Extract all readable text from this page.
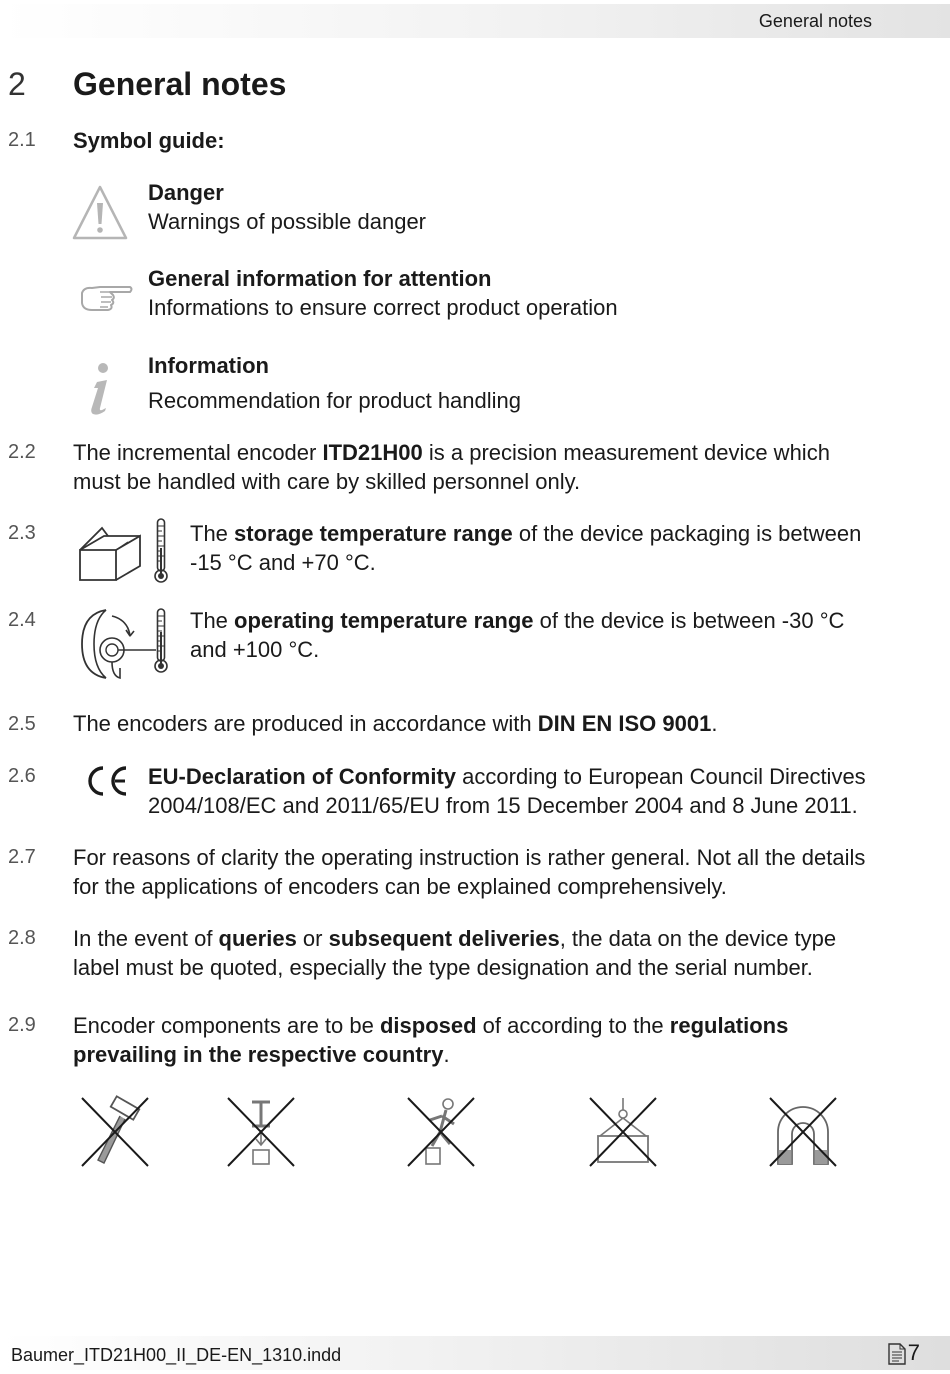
General notes
2 General notes
2.1 Symbol guide:

Danger

Warnings of possible danger

General information for attention

Informations to ensure correct product operation

Information

Recommendation for product handling

2.2 The incremental encoder ITD21H00 is a precision measurement device which

must be handled with care by skilled personnel only.

2.3	The storage temperature range of the device packaging is between

-15 °C and +70 °C.

2.4	The operating temperature range of the device is between -30 °C

and +100 °C.

2.5 The encoders are produced in accordance with DIN EN ISO 9001.

2.6	EU-Declaration of Conformity according to European Council Directives

2004/108/EC and 2011/65/EU from 15 December 2004 and 8 June 2011.

2.7 For reasons of clarity the operating instruction is rather general. Not all the details

for the applications of encoders can be explained comprehensively.

2.8 In the event of queries or subsequent deliveries, the data on the device type

label must be quoted, especially the type designation and the serial number.

2.9 Encoder components are to be disposed of according to the regulations

prevailing in the respective country.

Baumer_ITD21H00_II_DE-EN_1310.indd	7
